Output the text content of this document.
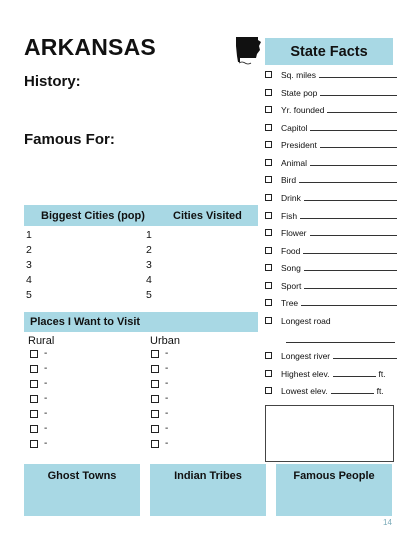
ARKANSAS
History:
Famous For:
State Facts
Sq. miles
State pop
Yr. founded
Capitol
President
Animal
Bird
Drink
Fish
Flower
Food
Song
Sport
Tree
Longest road
Longest river
Highest elev.	ft.
Lowest elev.	ft.
Biggest Cities (pop)	Cities Visited
1	1
2	2
3	3
4	4
5	5
Places I Want to Visit
Rural	Urban
-	-
-	-
-	-
-	-
-	-
-	-
-	-
Ghost Towns	Indian Tribes	Famous People
14
